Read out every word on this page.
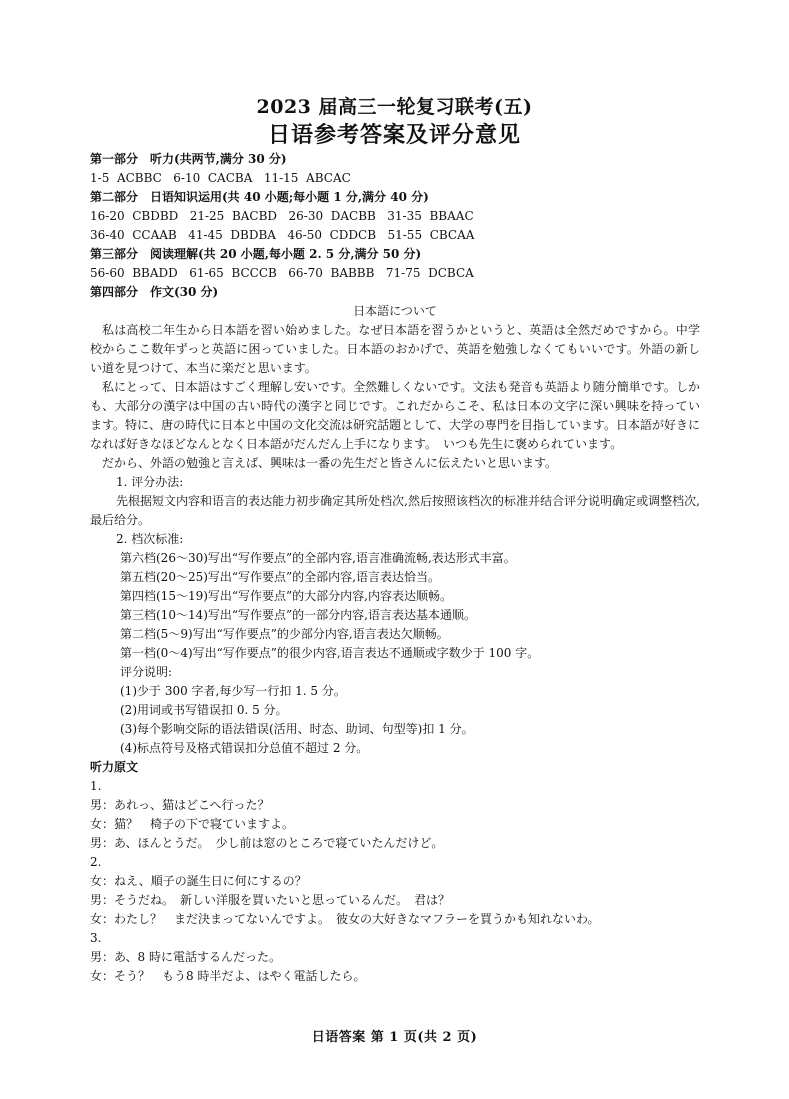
2023 届高三一轮复习联考(五)
日语参考答案及评分意见
第一部分　听力(共两节,满分 30 分)
1-5  ACBBC   6-10  CACBA   11-15  ABCAC
第二部分　日语知识运用(共 40 小题;每小题 1 分,满分 40 分)
16-20  CBDBD   21-25  BACBD   26-30  DACBB   31-35  BBAAC
36-40  CCAAB   41-45  DBDBA   46-50  CDDCB   51-55  CBCAA
第三部分　阅读理解(共 20 小题,每小题 2. 5 分,满分 50 分)
56-60  BBADD   61-65  BCCCB   66-70  BABBB   71-75  DCBCA
第四部分　作文(30 分)
日本語について
私は高校二年生から日本語を習い始めました。なぜ日本語を習うかというと、英語は全然だめですから。中学校からここ数年ずっと英語に困っていました。日本語のおかげで、英語を勉強しなくてもいいです。外語の新しい道を見つけて、本当に楽だと思います。
私にとって、日本語はすごく理解し安いです。全然難しくないです。文法も発音も英語より随分簡単です。しかも、大部分の漢字は中国の古い時代の漢字と同じです。これだからこそ、私は日本の文字に深い興味を持っています。特に、唐の時代に日本と中国の文化交流は研究話題として、大学の専門を目指しています。日本語が好きになれば好きなほどなんとなく日本語がだんだん上手になります。　いつも先生に褒められています。
だから、外語の勉強と言えば、興味は一番の先生だと皆さんに伝えたいと思います。
1. 评分办法:
先根据短文内容和语言的表达能力初步确定其所处档次,然后按照该档次的标准并结合评分说明确定或调整档次,最后给分。
2. 档次标准:
第六档(26～30)写出“写作要点”的全部内容,语言准确流畅,表达形式丰富。
第五档(20～25)写出“写作要点”的全部内容,语言表达恰当。
第四档(15～19)写出“写作要点”的大部分内容,内容表达顺畅。
第三档(10～14)写出“写作要点”的一部分内容,语言表达基本通顺。
第二档(5～9)写出“写作要点”的少部分内容,语言表达欠顺畅。
第一档(0～4)写出“写作要点”的很少内容,语言表达不通顺或字数少于 100 字。
评分说明:
(1)少于 300 字者,每少写一行扣 1. 5 分。
(2)用词或书写错误扣 0. 5 分。
(3)每个影响交际的语法错误(活用、时态、助词、句型等)扣 1 分。
(4)标点符号及格式错误扣分总值不超过 2 分。
听力原文
1.
男：あれっ、猫はどこへ行った？
女：猫？　椅子の下で寝ていますよ。
男：あ、ほんとうだ。　少し前は窓のところで寝ていたんだけど。
2.
女：ねえ、順子の誕生日に何にするの？
男：そうだね。　新しい洋服を買いたいと思っているんだ。　君は？
女：わたし？　まだ決まってないんですよ。　彼女の大好きなマフラーを買うかも知れないわ。
3.
男：あ、8 時に電話するんだった。
女：そう？　もう8 時半だよ、はやく電話したら。
日语答案 第 1 页(共 2 页)
